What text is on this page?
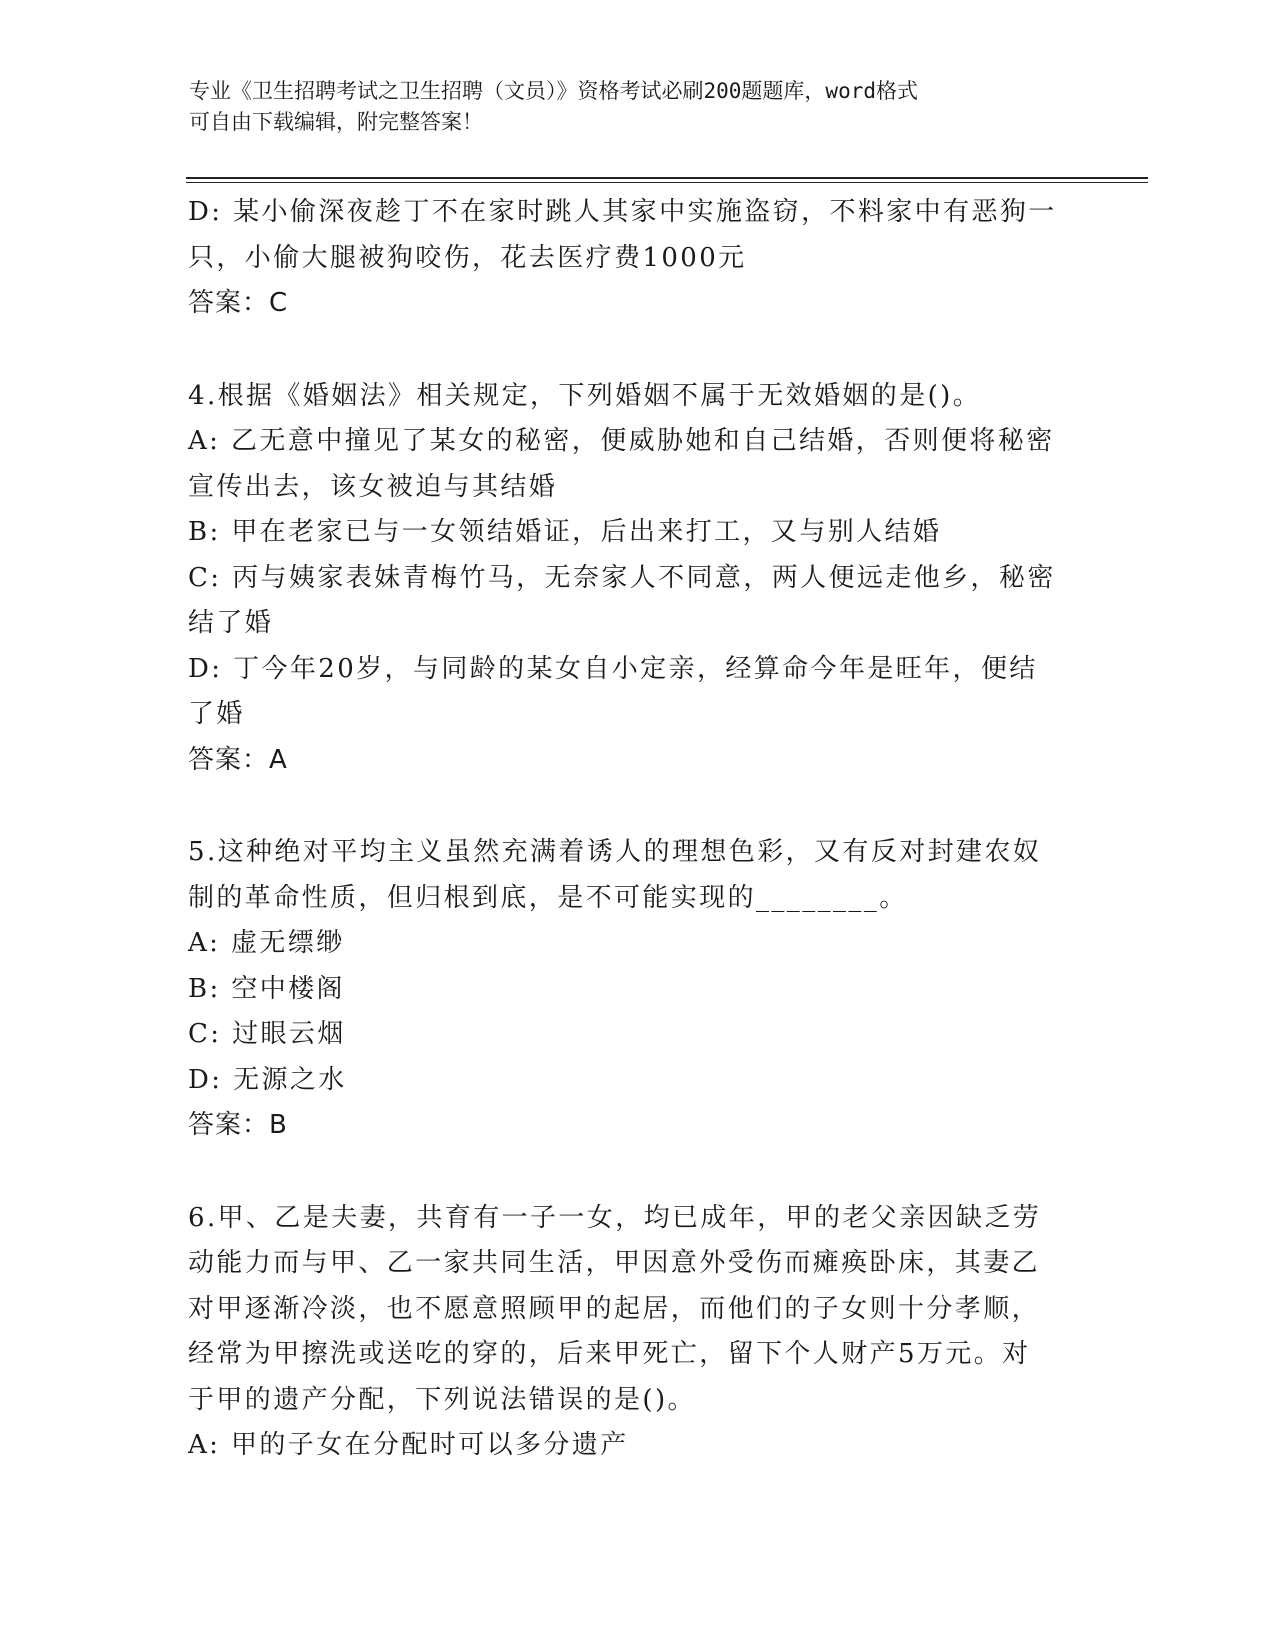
专业《卫生招聘考试之卫生招聘（文员）》资格考试必刷200题题库，word格式
可自由下载编辑，附完整答案！
D: 某小偷深夜趁丁不在家时跳人其家中实施盗窃，不料家中有恶狗一
只，小偷大腿被狗咬伤，花去医疗费1000元
答案：C
4.根据《婚姻法》相关规定，下列婚姻不属于无效婚姻的是()。
A: 乙无意中撞见了某女的秘密，便威胁她和自己结婚，否则便将秘密
宣传出去，该女被迫与其结婚
B: 甲在老家已与一女领结婚证，后出来打工，又与别人结婚
C: 丙与姨家表妹青梅竹马，无奈家人不同意，两人便远走他乡，秘密
结了婚
D: 丁今年20岁，与同龄的某女自小定亲，经算命今年是旺年，便结
了婚
答案：A
5.这种绝对平均主义虽然充满着诱人的理想色彩，又有反对封建农奴
制的革命性质，但归根到底，是不可能实现的________。
A: 虚无缥缈
B: 空中楼阁
C: 过眼云烟
D: 无源之水
答案：B
6.甲、乙是夫妻，共育有一子一女，均已成年，甲的老父亲因缺乏劳
动能力而与甲、乙一家共同生活，甲因意外受伤而瘫痪卧床，其妻乙
对甲逐渐冷淡，也不愿意照顾甲的起居，而他们的子女则十分孝顺，
经常为甲擦洗或送吃的穿的，后来甲死亡，留下个人财产5万元。对
于甲的遗产分配，下列说法错误的是()。
A: 甲的子女在分配时可以多分遗产
